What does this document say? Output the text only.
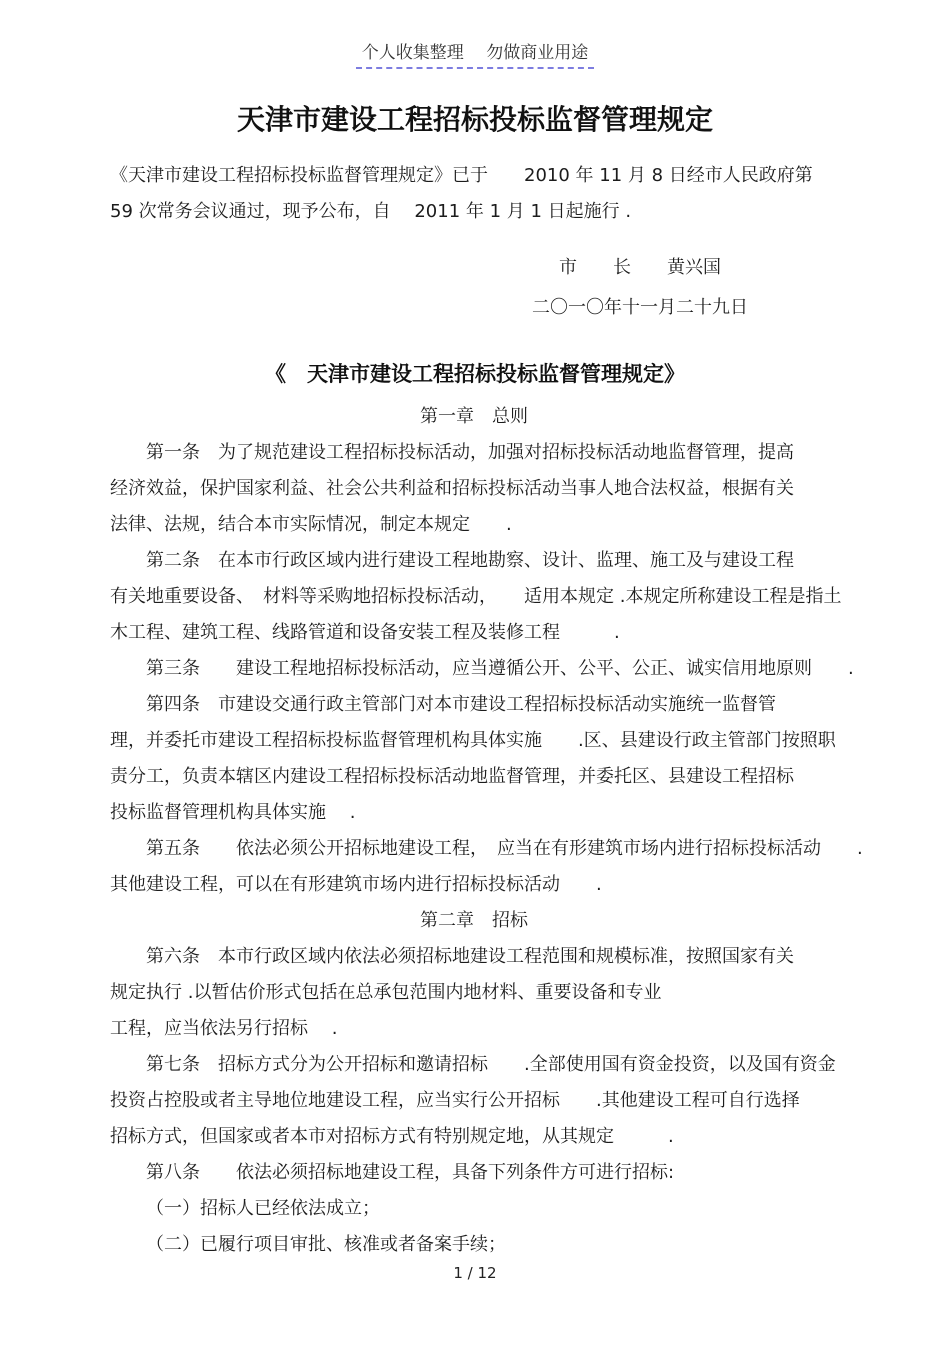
个人收集整理　 勿做商业用途
天津市建设工程招标投标监督管理规定
《天津市建设工程招标投标监督管理规定》已于　　2010 年 11 月 8 日经市人民政府第
59 次常务会议通过，现予公布，自　 2011 年 1 月 1 日起施行 .
市　　长　　黄兴国
二〇一〇年十一月二十九日
《　天津市建设工程招标投标监督管理规定》
第一章　总则
第一条　为了规范建设工程招标投标活动，加强对招标投标活动地监督管理，提高
经济效益，保护国家利益、社会公共利益和招标投标活动当事人地合法权益，根据有关
法律、法规，结合本市实际情况，制定本规定　　.
第二条　在本市行政区域内进行建设工程地勘察、设计、监理、施工及与建设工程
有关地重要设备、　材料等采购地招标投标活动，　　适用本规定 .本规定所称建设工程是指土
木工程、建筑工程、线路管道和设备安装工程及装修工程　　　.
第三条　　建设工程地招标投标活动，应当遵循公开、公平、公正、诚实信用地原则　　.
第四条　市建设交通行政主管部门对本市建设工程招标投标活动实施统一监督管
理，并委托市建设工程招标投标监督管理机构具体实施　　.区、县建设行政主管部门按照职
责分工，负责本辖区内建设工程招标投标活动地监督管理，并委托区、县建设工程招标
投标监督管理机构具体实施　 .
第五条　　依法必须公开招标地建设工程，　应当在有形建筑市场内进行招标投标活动　　.
其他建设工程，可以在有形建筑市场内进行招标投标活动　　.
第二章　招标
第六条　本市行政区域内依法必须招标地建设工程范围和规模标准，按照国家有关
规定执行 .以暂估价形式包括在总承包范围内地材料、重要设备和专业
工程，应当依法另行招标　 .
第七条　招标方式分为公开招标和邀请招标　　.全部使用国有资金投资，以及国有资金
投资占控股或者主导地位地建设工程，应当实行公开招标　　.其他建设工程可自行选择
招标方式，但国家或者本市对招标方式有特别规定地，从其规定　　　.
第八条　　依法必须招标地建设工程，具备下列条件方可进行招标:
（一）招标人已经依法成立；
（二）已履行项目审批、核准或者备案手续；
1 / 12
